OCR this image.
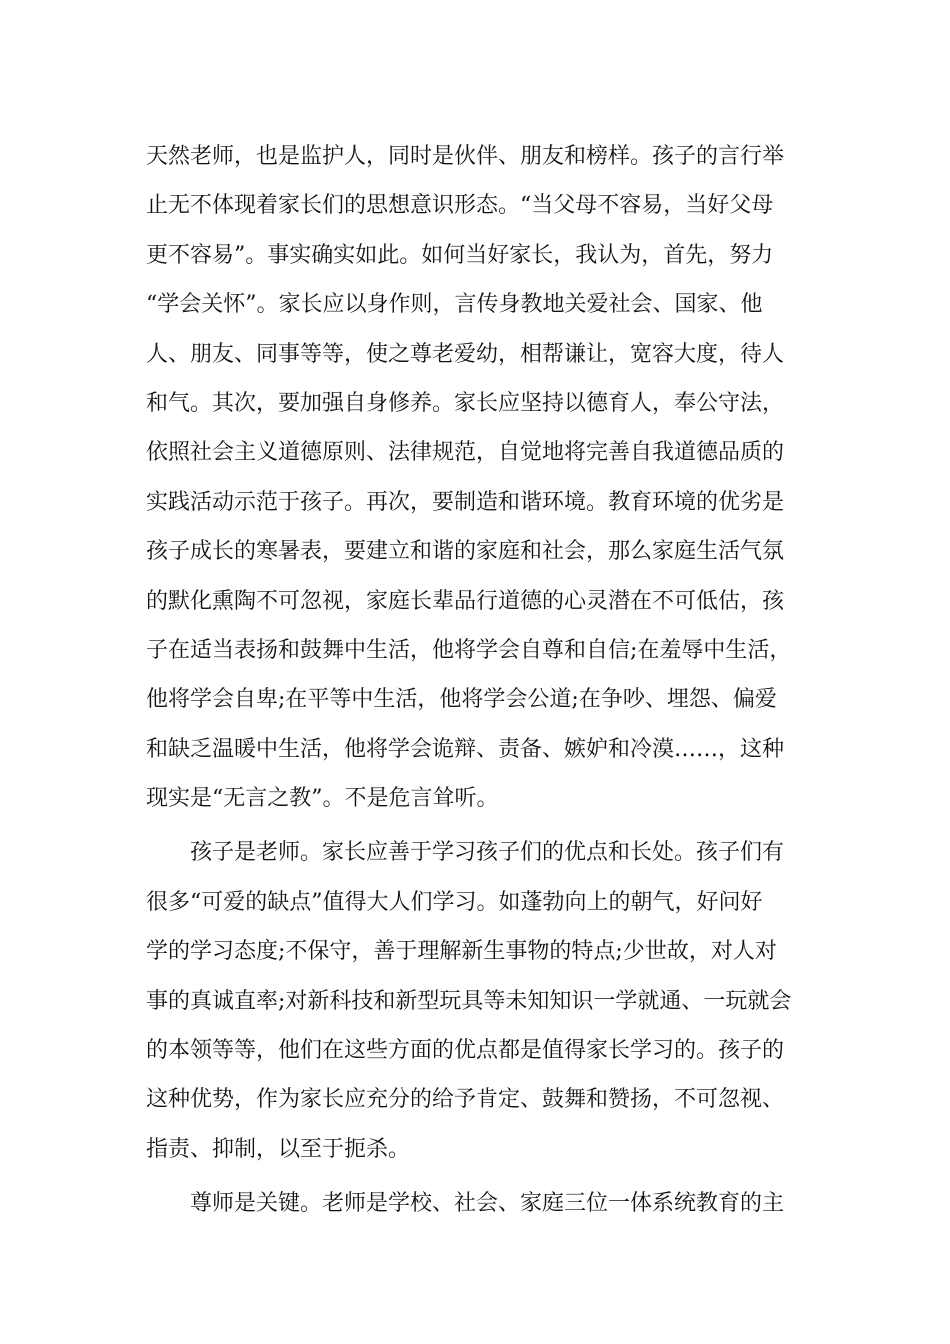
天然老师，也是监护人，同时是伙伴、朋友和榜样。孩子的言行举
止无不体现着家长们的思想意识形态。“当父母不容易，当好父母
更不容易”。事实确实如此。如何当好家长，我认为，首先，努力
“学会关怀”。家长应以身作则，言传身教地关爱社会、国家、他
人、朋友、同事等等，使之尊老爱幼，相帮谦让，宽容大度，待人
和气。其次，要加强自身修养。家长应坚持以德育人，奉公守法，
依照社会主义道德原则、法律规范，自觉地将完善自我道德品质的
实践活动示范于孩子。再次，要制造和谐环境。教育环境的优劣是
孩子成长的寒暑表，要建立和谐的家庭和社会，那么家庭生活气氛
的默化熏陶不可忽视，家庭长辈品行道德的心灵潜在不可低估，孩
子在适当表扬和鼓舞中生活，他将学会自尊和自信;在羞辱中生活，
他将学会自卑;在平等中生活，他将学会公道;在争吵、埋怨、偏爱
和缺乏温暖中生活，他将学会诡辩、责备、嫉妒和冷漠……，这种
现实是“无言之教”。不是危言耸听。
孩子是老师。家长应善于学习孩子们的优点和长处。孩子们有
很多“可爱的缺点”值得大人们学习。如蓬勃向上的朝气，好问好
学的学习态度;不保守，善于理解新生事物的特点;少世故，对人对
事的真诚直率;对新科技和新型玩具等未知知识一学就通、一玩就会
的本领等等，他们在这些方面的优点都是值得家长学习的。孩子的
这种优势，作为家长应充分的给予肯定、鼓舞和赞扬，不可忽视、
指责、抑制，以至于扼杀。
尊师是关键。老师是学校、社会、家庭三位一体系统教育的主
